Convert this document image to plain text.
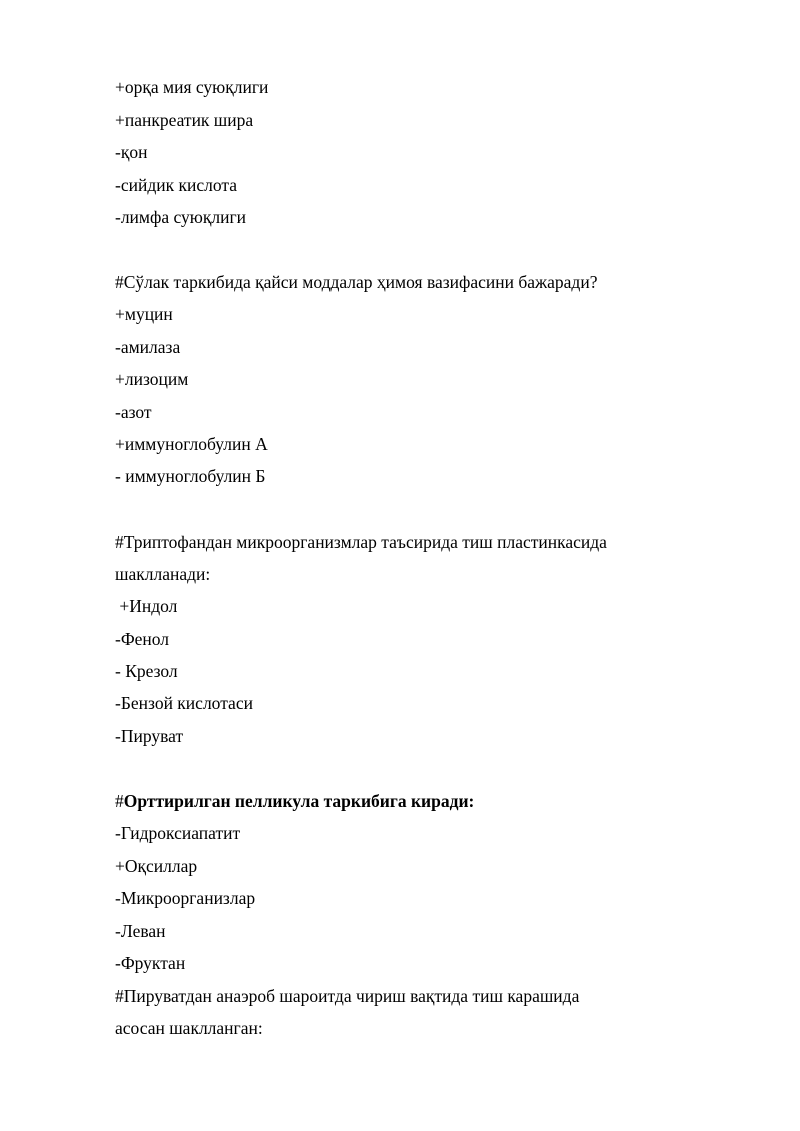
+орқа мия суюқлиги
+панкреатик шира
-қон
-сийдик кислота
-лимфа суюқлиги
#Сўлак таркибида қайси моддалар ҳимоя вазифасини бажаради?
+муцин
-амилаза
+лизоцим
-азот
+иммуноглобулин А
- иммуноглобулин Б
#Триптофандан микроорганизмлар таъсирида тиш пластинкасида
шаклланади:
+Индол
-Фенол
- Крезол
-Бензой кислотаси
-Пируват
#Орттирилган пелликула таркибига киради:
-Гидроксиапатит
+Оқсиллар
-Микроорганизлар
-Леван
-Фруктан
#Пируватдан анаэроб шароитда чириш вақтида тиш карашида
асосан шаклланган:
